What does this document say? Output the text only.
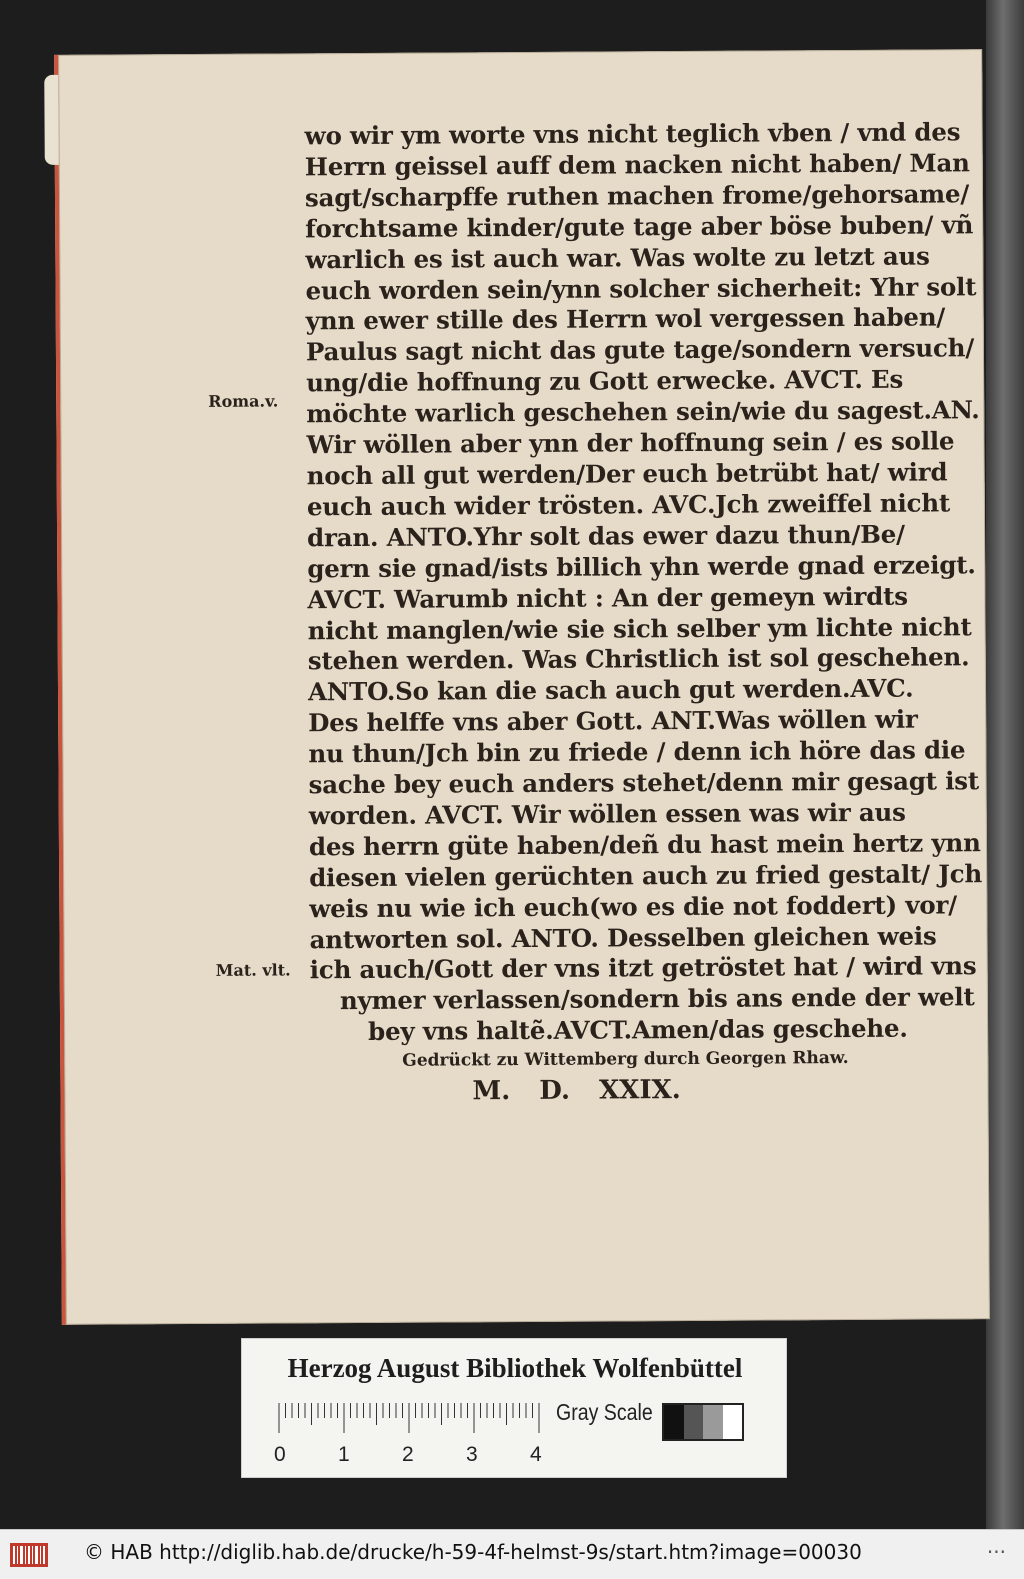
wo wir ym worte vns nicht teglich vben / vnd des
Herrn geissel auff dem nacken nicht haben/ Man
sagt/scharpffe ruthen machen frome/gehorsame/
forchtsame kinder/gute tage aber böse buben/ vñ
warlich es ist auch war. Was wolte zu letzt aus
euch worden sein/ynn solcher sicherheit: Yhr solt
ynn ewer stille des Herrn wol vergessen haben/
Paulus sagt nicht das gute tage/sondern versuch/
ung/die hoffnung zu Gott erwecke. AVCT. Es
möchte warlich geschehen sein/wie du sagest.AN.
Wir wöllen aber ynn der hoffnung sein / es solle
noch all gut werden/Der euch betrübt hat/ wird
euch auch wider trösten. AVC.Jch zweiffel nicht
dran. ANTO.Yhr solt das ewer dazu thun/Be/
gern sie gnad/ists billich yhn werde gnad erzeigt.
AVCT. Warumb nicht : An der gemeyn wirdts
nicht manglen/wie sie sich selber ym lichte nicht
stehen werden. Was Christlich ist sol geschehen.
ANTO.So kan die sach auch gut werden.AVC.
Des helffe vns aber Gott. ANT.Was wöllen wir
nu thun/Jch bin zu friede / denn ich höre das die
sache bey euch anders stehet/denn mir gesagt ist
worden. AVCT. Wir wöllen essen was wir aus
des herrn güte haben/deñ du hast mein hertz ynn
diesen vielen gerüchten auch zu fried gestalt/ Jch
weis nu wie ich euch(wo es die not foddert) vor/
antworten sol. ANTO. Desselben gleichen weis
ich auch/Gott der vns itzt getröstet hat / wird vns
nymer verlassen/sondern bis ans ende der welt
bey vns haltẽ.AVCT.Amen/das geschehe.
Roma.v.
Mat. vlt.
Gedrückt zu Wittemberg durch Georgen Rhaw.
M. D. XXIX.
Herzog August Bibliothek Wolfenbüttel
0 1 2 3 4
Gray Scale
© HAB http://diglib.hab.de/drucke/h-59-4f-helmst-9s/start.htm?image=00030	···
